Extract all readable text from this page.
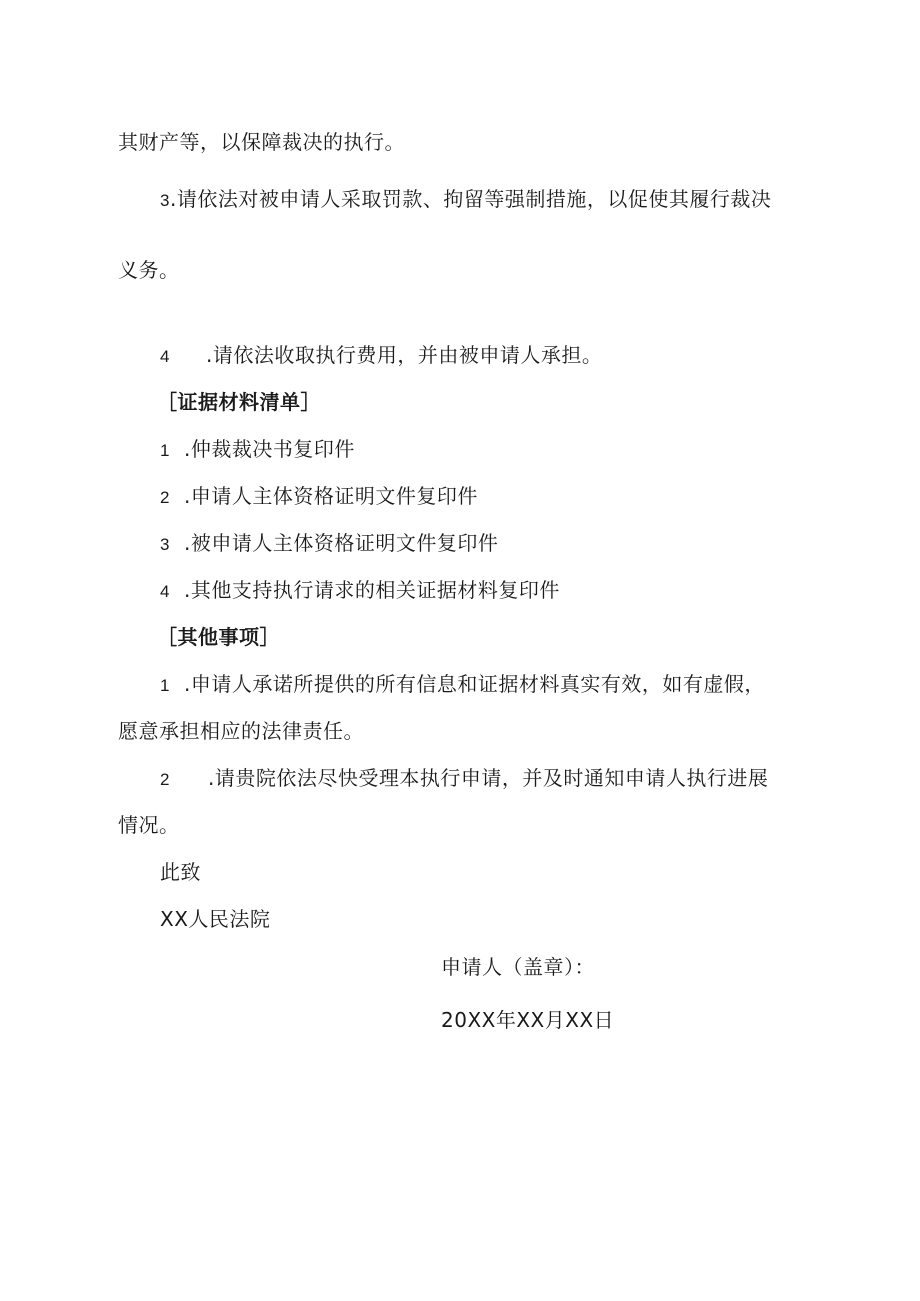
其财产等，以保障裁决的执行。
3.请依法对被申请人采取罚款、拘留等强制措施，以促使其履行裁决
义务。
4 .请依法收取执行费用，并由被申请人承担。
［证据材料清单］
1 .仲裁裁决书复印件
2 .申请人主体资格证明文件复印件
3 .被申请人主体资格证明文件复印件
4 .其他支持执行请求的相关证据材料复印件
［其他事项］
1 .申请人承诺所提供的所有信息和证据材料真实有效，如有虚假，
愿意承担相应的法律责任。
2 .请贵院依法尽快受理本执行申请，并及时通知申请人执行进展
情况。
此致
XX人民法院
申请人（盖章）：
20XX年XX月XX日
